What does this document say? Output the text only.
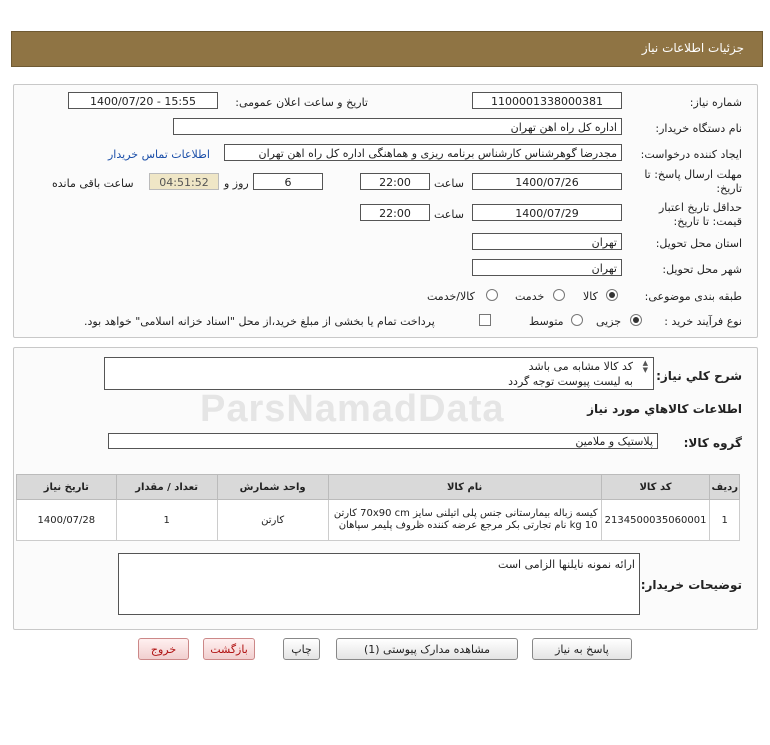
جزئیات اطلاعات نیاز
شماره نیاز:
1100001338000381
تاریخ و ساعت اعلان عمومی:
1400/07/20 - 15:55
نام دستگاه خریدار:
اداره کل راه اهن تهران
ایجاد کننده درخواست:
مجدرضا گوهرشناس کارشناس برنامه ریزی و هماهنگی اداره کل راه اهن تهران
اطلاعات تماس خریدار
مهلت ارسال پاسخ: تا
تاریخ:
1400/07/26
ساعت
22:00
6
روز و
04:51:52
ساعت باقی مانده
حداقل تاریخ اعتبار
قیمت: تا تاریخ:
1400/07/29
ساعت
22:00
استان محل تحویل:
تهران
شهر محل تحویل:
تهران
طبقه بندی موضوعی:
کالا
خدمت
کالا/خدمت
نوع فرآیند خرید :
جزیی
متوسط
پرداخت تمام یا بخشی از مبلغ خرید،از محل "اسناد خزانه اسلامی" خواهد بود.
شرح کلي نياز:
کد کالا مشابه می باشد
به لیست پیوست توجه گردد
▲
▼
ParsNamadData	اطلاعات کالاهاي مورد نياز
گروه کالا:
پلاستیک و ملامین
ردیف	کد کالا	نام کالا	واحد شمارش	تعداد / مقدار	تاریخ نیاز
1	2134500035060001	کیسه زباله بیمارستانی جنس پلی اتیلنی سایز 70x90 cm کارتن 10 kg نام تجارتی بکر مرجع عرضه کننده ظروف پلیمر سپاهان	کارتن	1	1400/07/28
توضیحات خریدار:
ارائه نمونه نایلنها الزامی است
پاسخ به نیاز
مشاهده مدارک پیوستی (1)
چاپ
بازگشت
خروج
